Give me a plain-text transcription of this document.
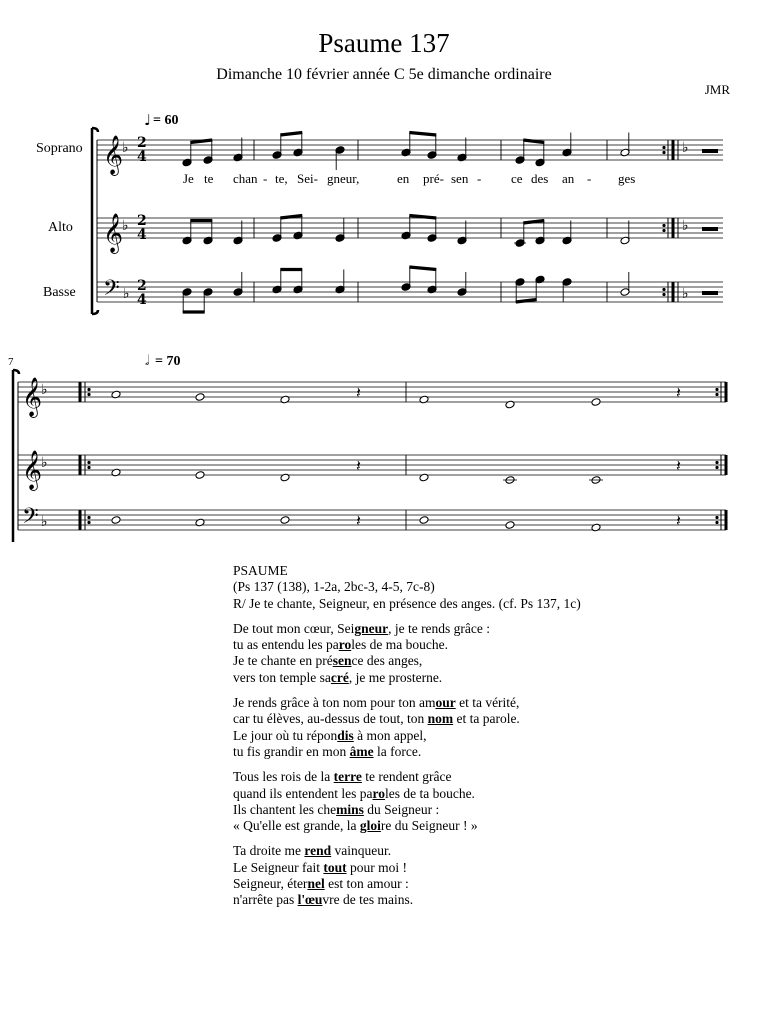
Psaume 137
Dimanche 10 février année C 5e dimanche ordinaire
JMR
𝄞
♭
𝄞
♭
𝄢 ♭
♭
♭
♭
𝄞
♭	𝄽	𝄽
𝄞
♭	𝄽	𝄽
𝄢 ♭	𝄽	𝄽
♩ = 60
Soprano
Alto
Basse
2
4
2
4
2
4
Je te chan - te, Sei- gneur,	en pré- sen - ce des an - ges
7	𝅗𝅥 = 70
PSAUME
(Ps 137 (138), 1-2a, 2bc-3, 4-5, 7c-8)
R/ Je te chante, Seigneur, en présence des anges. (cf. Ps 137, 1c)
De tout mon cœur, Seigneur, je te rends grâce :
tu as entendu les paroles de ma bouche.
Je te chante en présence des anges,
vers ton temple sacré, je me prosterne.
Je rends grâce à ton nom pour ton amour et ta vérité,
car tu élèves, au-dessus de tout, ton nom et ta parole.
Le jour où tu répondis à mon appel,
tu fis grandir en mon âme la force.
Tous les rois de la terre te rendent grâce
quand ils entendent les paroles de ta bouche.
Ils chantent les chemins du Seigneur :
« Qu'elle est grande, la gloire du Seigneur ! »
Ta droite me rend vainqueur.
Le Seigneur fait tout pour moi !
Seigneur, éternel est ton amour :
n'arrête pas l'œuvre de tes mains.
